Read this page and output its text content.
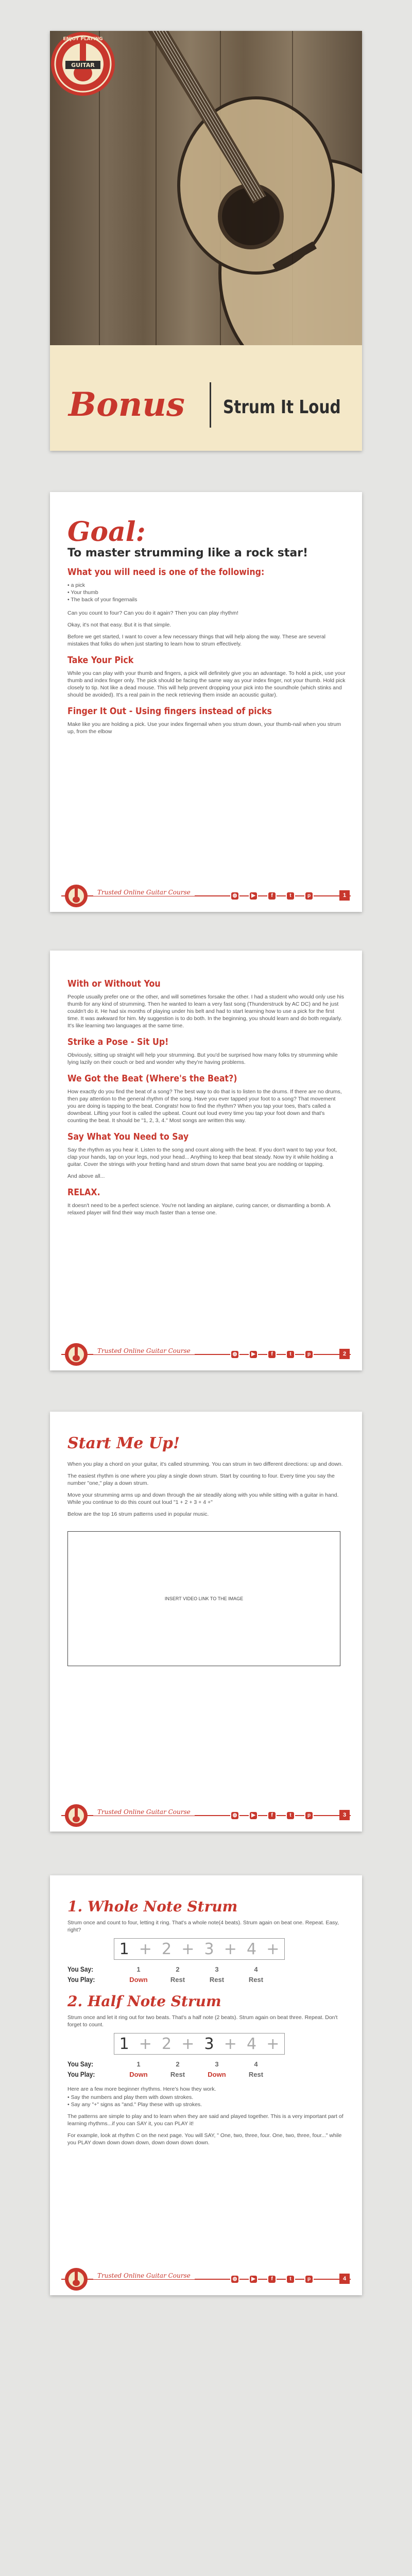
GUITAR
ENJOY PLAYING
Bonus Strum It Loud
Goal:
To master strumming like a rock star!
What you will need is one of the following:
• a pick
• Your thumb
• The back of your fingernails
Can you count to four? Can you do it again? Then you can play rhythm!
Okay, it's not that easy. But it is that simple.
Before we get started, I want to cover a few necessary things that will help along the way. These are several mistakes that folks do when just starting to learn how to strum effectively.
Take Your Pick
While you can play with your thumb and fingers, a pick will definitely give you an advantage. To hold a pick, use your thumb and index finger only. The pick should be facing the same way as your index finger, not your thumb. Hold pick closely to tip. Not like a dead mouse. This will help prevent dropping your pick into the soundhole (which stinks and should be avoided). It's a real pain in the neck retrieving them inside an acoustic guitar).
Finger It Out - Using fingers instead of picks
Make like you are holding a pick. Use your index fingernail when you strum down, your thumb-nail when you strum up, from the elbow
Trusted Online Guitar Course	◍	▶	f	t	p	1
With or Without You
People usually prefer one or the other, and will sometimes forsake the other. I had a student who would only use his thumb for any kind of strumming. Then he wanted to learn a very fast song (Thunderstruck by AC DC) and he just couldn't do it. He had six months of playing under his belt and had to start learning how to use a pick for the first time. It was awkward for him. My suggestion is to do both. In the beginning, you should learn and do both regularly. It's like learning two languages at the same time.
Strike a Pose - Sit Up!
Obviously, sitting up straight will help your strumming. But you'd be surprised how many folks try strumming while lying lazily on their couch or bed and wonder why they're having problems.
We Got the Beat (Where's the Beat?)
How exactly do you find the beat of a song? The best way to do that is to listen to the drums. If there are no drums, then pay attention to the general rhythm of the song. Have you ever tapped your foot to a song? That movement you are doing is tapping to the beat. Congrats! how to find the rhythm? When you tap your toes, that's called a downbeat. Lifting your foot is called the upbeat. Count out loud every time you tap your foot down and that's counting the beat. It should be "1, 2, 3, 4." Most songs are written this way.
Say What You Need to Say
Say the rhythm as you hear it. Listen to the song and count along with the beat. If you don't want to tap your foot, clap your hands, tap on your legs, nod your head... Anything to keep that beat steady. Now try it while holding a guitar. Cover the strings with your fretting hand and strum down that same beat you are nodding or tapping.
And above all...
RELAX.
It doesn't need to be a perfect science. You're not landing an airplane, curing cancer, or dismantling a bomb. A relaxed player will find their way much faster than a tense one.
Trusted Online Guitar Course	◍	▶	f	t	p	2
Start Me Up!
When you play a chord on your guitar, it's called strumming. You can strum in two different directions: up and down.
The easiest rhythm is one where you play a single down strum. Start by counting to four. Every time you say the number "one," play a down strum.
Move your strumming arms up and down through the air steadily along with you while sitting with a guitar in hand. While you continue to do this count out loud "1 + 2 + 3 + 4 +"
Below are the top 16 strum patterns used in popular music.
INSERT VIDEO LINK TO THE IMAGE
Trusted Online Guitar Course	◍	▶	f	t	p	3
1. Whole Note Strum
Strum once and count to four, letting it ring. That's a whole note(4 beats). Strum again on beat one. Repeat. Easy, right?
1 + 2 + 3 + 4 +
You Say:	1	2	3	4
You Play:	Down	Rest	Rest	Rest
2. Half Note Strum
Strum once and let it ring out for two beats. That's a half note (2 beats). Strum again on beat three. Repeat. Don't forget to count.
1 + 2 + 3 + 4 +
You Say:	1	2	3	4
You Play:	Down	Rest	Down	Rest
Here are a few more beginner rhythms. Here's how they work.
• Say the numbers and play them with down strokes.
• Say any "+" signs as "and." Play these with up strokes.
The patterns are simple to play and to learn when they are said and played together. This is a very important part of learning rhythms...if you can SAY it, you can PLAY it!
For example, look at rhythm C on the next page. You will SAY, " One, two, three, four. One, two, three, four..." while you PLAY down down down down, down down down down.
Trusted Online Guitar Course	◍	▶	f	t	p	4
